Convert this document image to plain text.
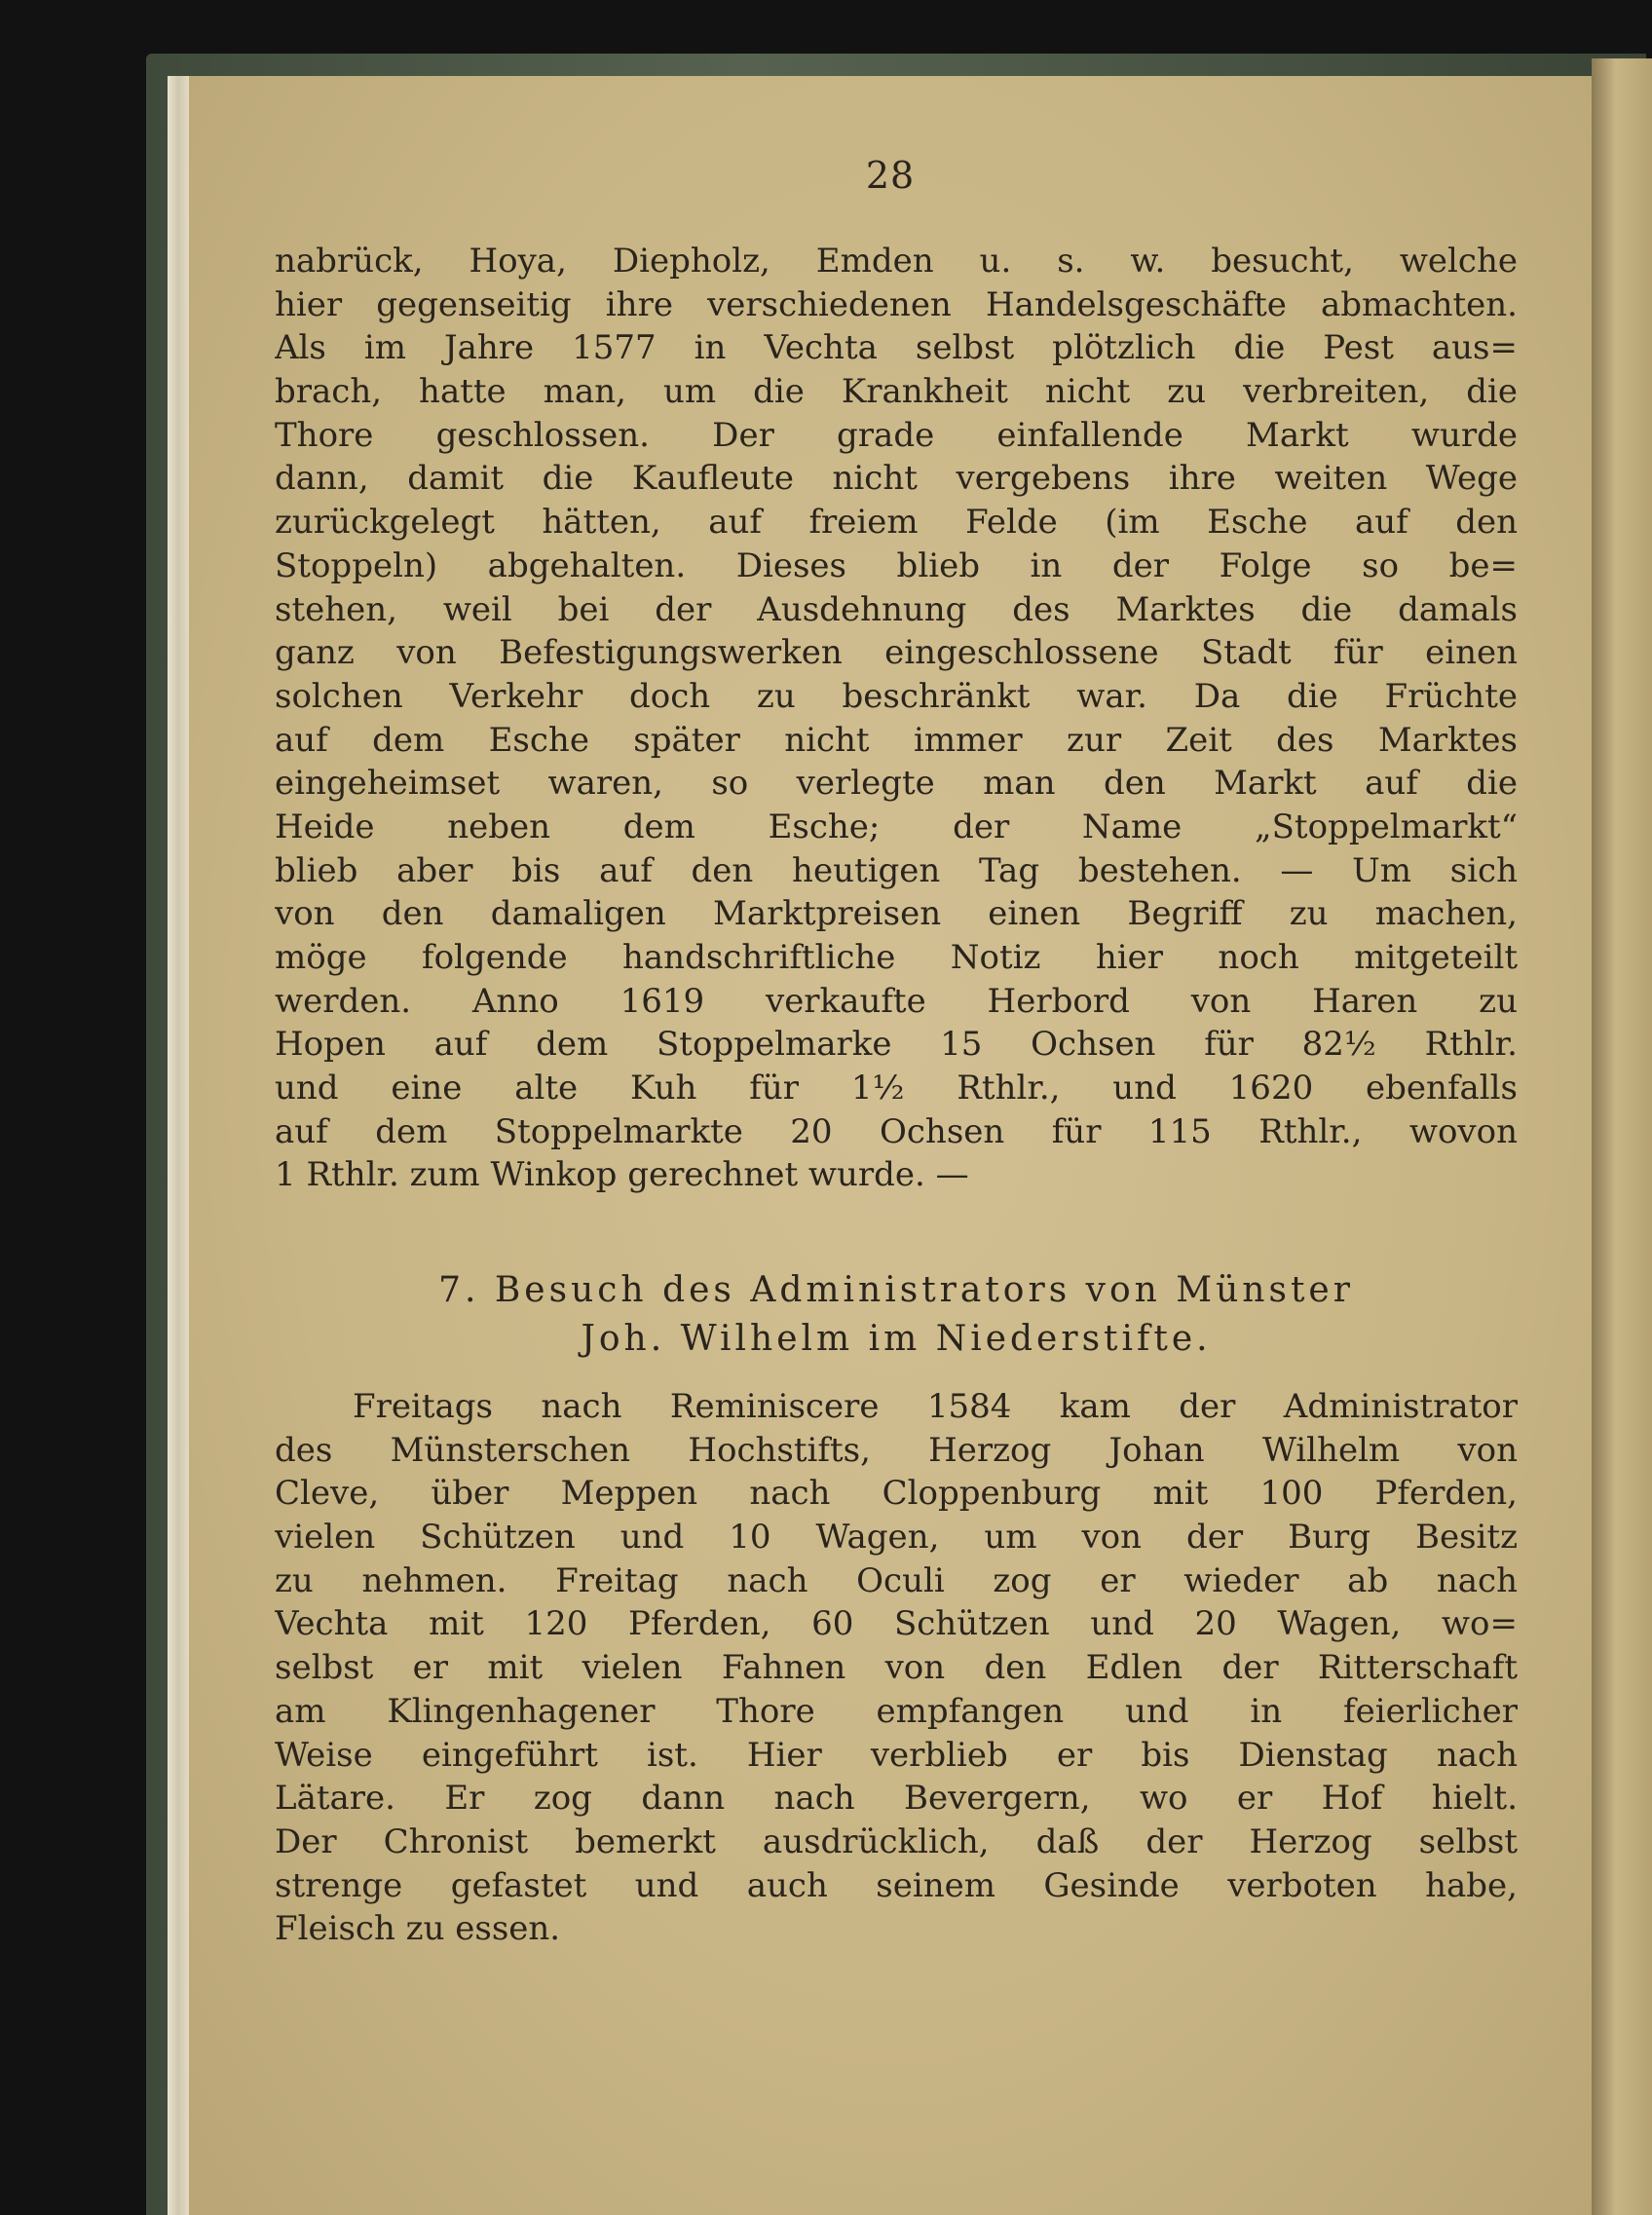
28
nabrück, Hoya, Diepholz, Emden u. s. w. besucht, welche
hier gegenseitig ihre verschiedenen Handelsgeschäfte abmachten.
Als im Jahre 1577 in Vechta selbst plötzlich die Pest aus=
brach, hatte man, um die Krankheit nicht zu verbreiten, die
Thore geschlossen. Der grade einfallende Markt wurde
dann, damit die Kaufleute nicht vergebens ihre weiten Wege
zurückgelegt hätten, auf freiem Felde (im Esche auf den
Stoppeln) abgehalten. Dieses blieb in der Folge so be=
stehen, weil bei der Ausdehnung des Marktes die damals
ganz von Befestigungswerken eingeschlossene Stadt für einen
solchen Verkehr doch zu beschränkt war. Da die Früchte
auf dem Esche später nicht immer zur Zeit des Marktes
eingeheimset waren, so verlegte man den Markt auf die
Heide neben dem Esche; der Name „Stoppelmarkt“
blieb aber bis auf den heutigen Tag bestehen. — Um sich
von den damaligen Marktpreisen einen Begriff zu machen,
möge folgende handschriftliche Notiz hier noch mitgeteilt
werden. Anno 1619 verkaufte Herbord von Haren zu
Hopen auf dem Stoppelmarke 15 Ochsen für 82½ Rthlr.
und eine alte Kuh für 1½ Rthlr., und 1620 ebenfalls
auf dem Stoppelmarkte 20 Ochsen für 115 Rthlr., wovon
1 Rthlr. zum Winkop gerechnet wurde. —
7. Besuch des Administrators von Münster
Joh. Wilhelm im Niederstifte.
Freitags nach Reminiscere 1584 kam der Administrator
des Münsterschen Hochstifts, Herzog Johan Wilhelm von
Cleve, über Meppen nach Cloppenburg mit 100 Pferden,
vielen Schützen und 10 Wagen, um von der Burg Besitz
zu nehmen. Freitag nach Oculi zog er wieder ab nach
Vechta mit 120 Pferden, 60 Schützen und 20 Wagen, wo=
selbst er mit vielen Fahnen von den Edlen der Ritterschaft
am Klingenhagener Thore empfangen und in feierlicher
Weise eingeführt ist. Hier verblieb er bis Dienstag nach
Lätare. Er zog dann nach Bevergern, wo er Hof hielt.
Der Chronist bemerkt ausdrücklich, daß der Herzog selbst
strenge gefastet und auch seinem Gesinde verboten habe,
Fleisch zu essen.
